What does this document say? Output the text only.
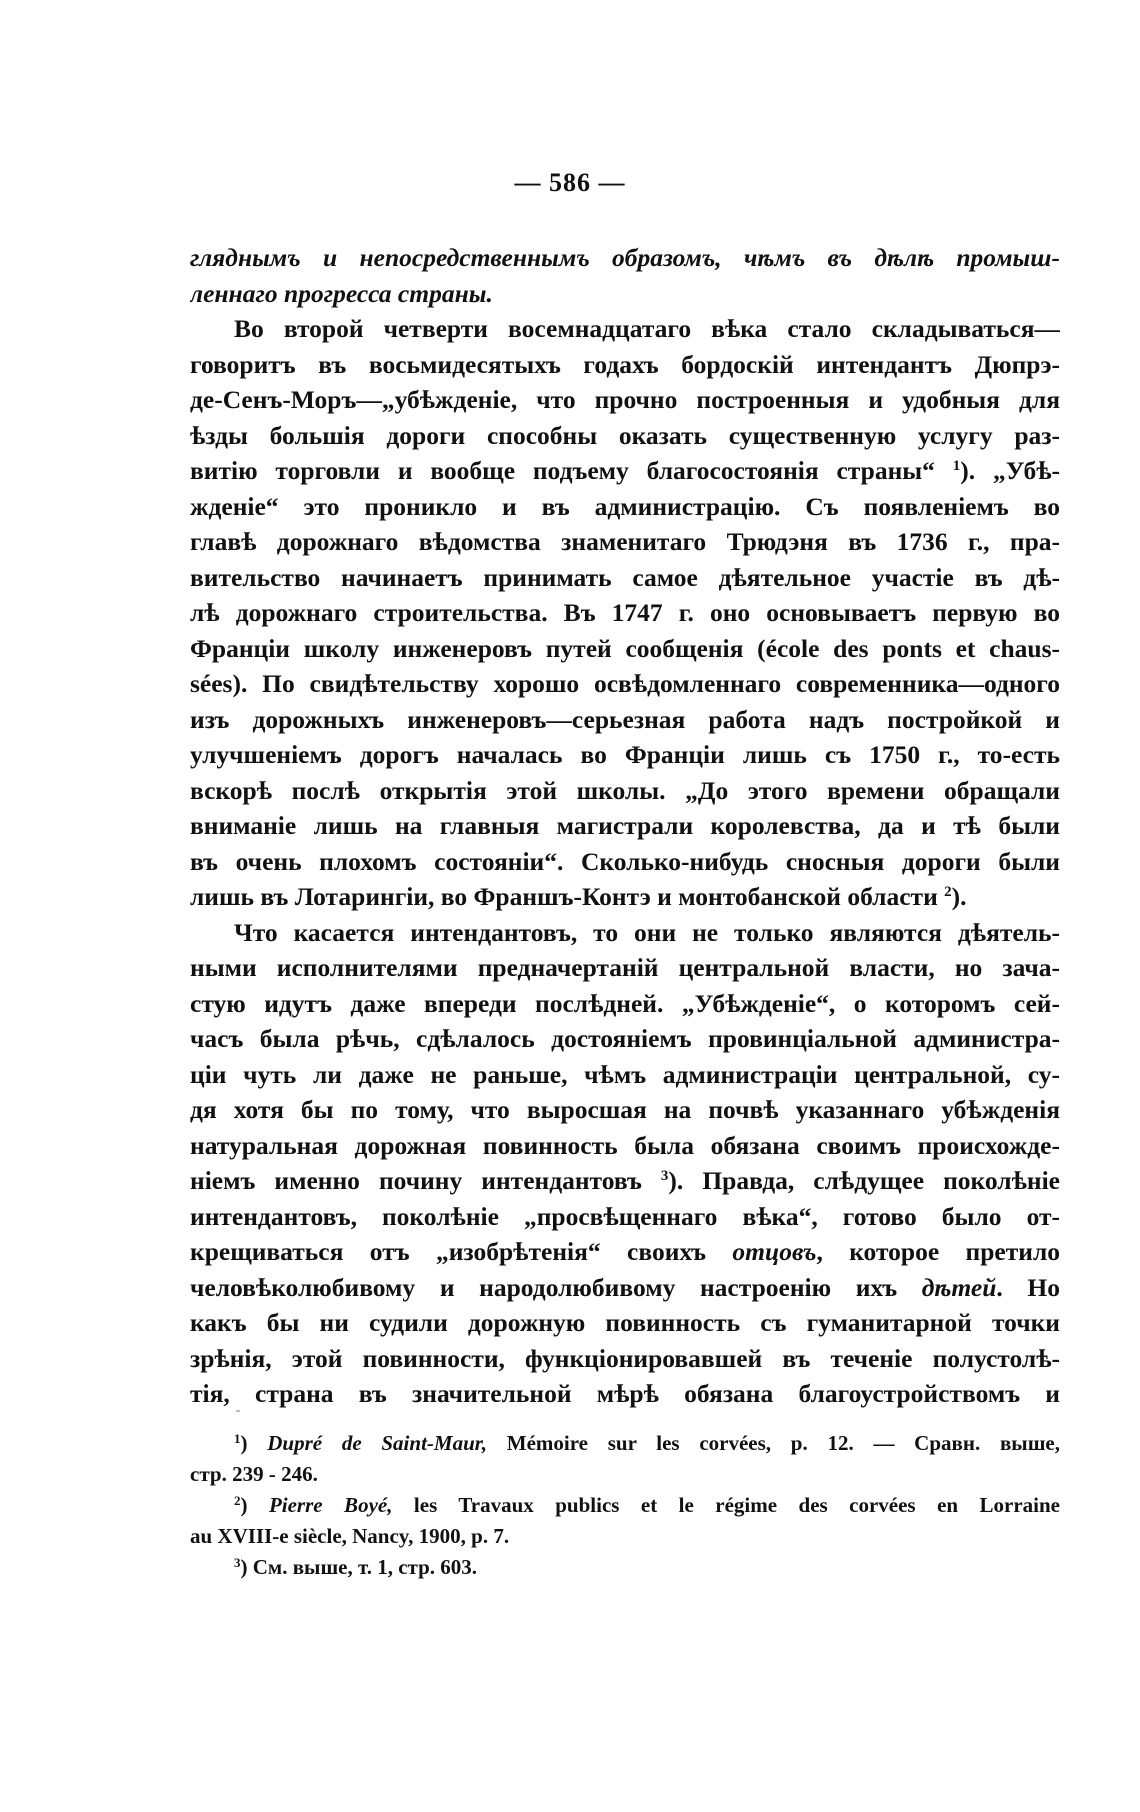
— 586 —
гляднымъ и непосредственнымъ образомъ, чѣмъ въ дѣлѣ промыш-
леннаго прогресса страны.
Во второй четверти восемнадцатаго вѣка стало складываться—
говоритъ въ восьмидесятыхъ годахъ бордоскій интендантъ Дюпрэ-
де-Сенъ-Моръ—„убѣжденіе, что прочно построенныя и удобныя для
ѣзды большія дороги способны оказать существенную услугу раз-
витію торговли и вообще подъему благосостоянія страны“ $^1$). „Убѣ-
жденіе“ это проникло и въ администрацію. Съ появленіемъ во
главѣ дорожнаго вѣдомства знаменитаго Трюдэня въ 1736 г., пра-
вительство начинаетъ принимать самое дѣятельное участіе въ дѣ-
лѣ дорожнаго строительства. Въ 1747 г. оно основываетъ первую во
Франціи школу инженеровъ путей сообщенія (école des ponts et chaus-
sées). По свидѣтельству хорошо освѣдомленнаго современника—одного
изъ дорожныхъ инженеровъ—серьезная работа надъ постройкой и
улучшеніемъ дорогъ началась во Франціи лишь съ 1750 г., то-есть
вскорѣ послѣ открытія этой школы. „До этого времени обращали
вниманіе лишь на главныя магистрали королевства, да и тѣ были
въ очень плохомъ состояніи“. Сколько-нибудь сносныя дороги были
лишь въ Лотарингіи, во Франшъ-Контэ и монтобанской области $^2$).
Что касается интендантовъ, то они не только являются дѣятель-
ными исполнителями предначертаній центральной власти, но зача-
стую идутъ даже впереди послѣдней. „Убѣжденіе“, о которомъ сей-
часъ была рѣчь, сдѣлалось достояніемъ провинціальной администра-
ціи чуть ли даже не раньше, чѣмъ администраціи центральной, су-
дя хотя бы по тому, что выросшая на почвѣ указаннаго убѣжденія
натуральная дорожная повинность была обязана своимъ происхожде-
ніемъ именно почину интендантовъ $^3$). Правда, слѣдущее поколѣніе
интендантовъ, поколѣніе „просвѣщеннаго вѣка“, готово было от-
крещиваться отъ „изобрѣтенія“ своихъ отцовъ, которое претило
человѣколюбивому и народолюбивому настроенію ихъ дѣтей. Но
какъ бы ни судили дорожную повинность съ гуманитарной точки
зрѣнія, этой повинности, функціонировавшей въ теченіе полустолѣ-
тія, страна въ значительной мѣрѣ обязана благоустройствомъ и
$^1$) Dupré de Saint-Maur, Mémoire sur les corvées, p. 12. — Сравн. выше,
стр. 239 - 246.
$^2$) Pierre Boyé, les Travaux publics et le régime des corvées en Lorraine
au XVIII-e siècle, Nancy, 1900, p. 7.
$^3$) См. выше, т. 1, стр. 603.
